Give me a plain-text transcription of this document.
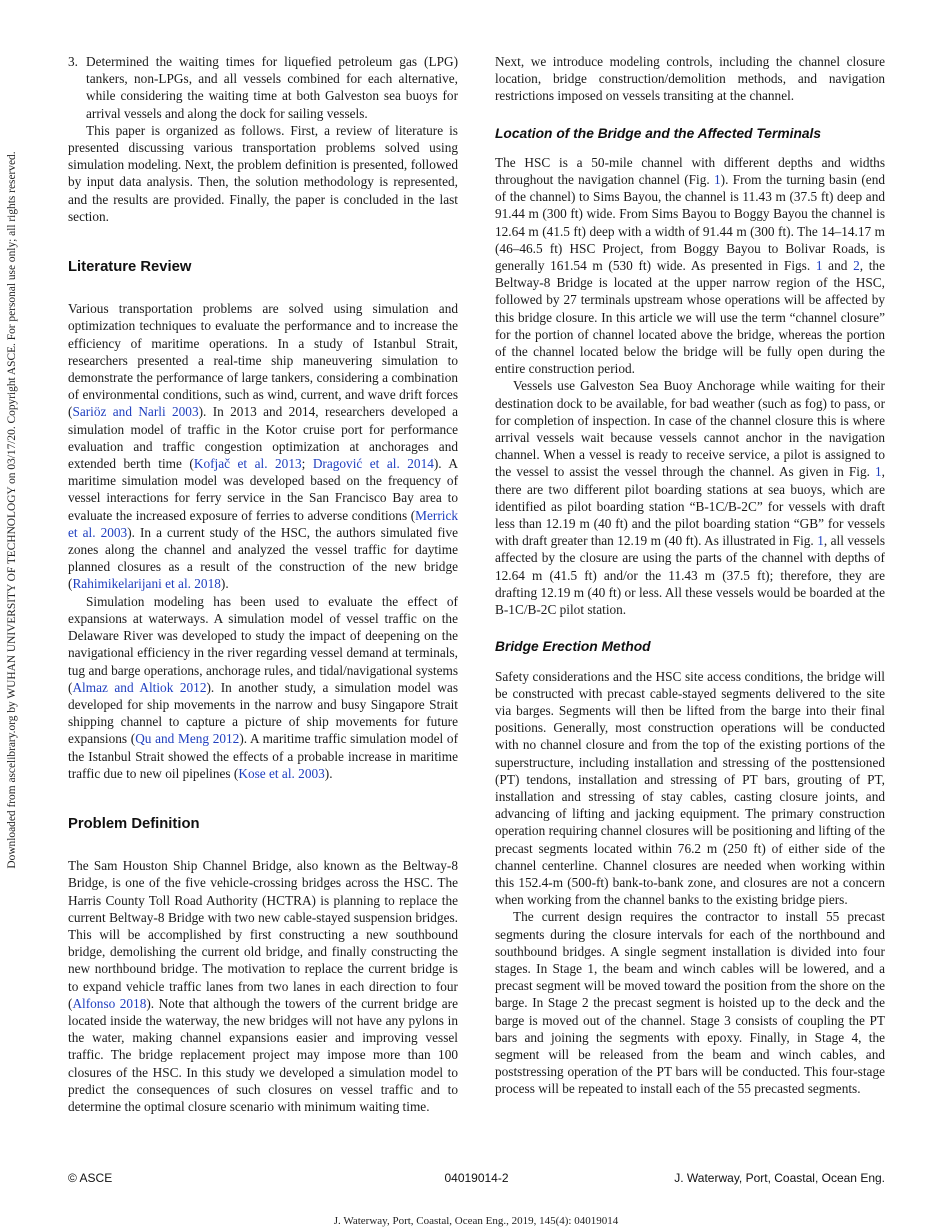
Downloaded from ascelibrary.org by WUHAN UNIVERSITY OF TECHNOLOGY on 03/17/20. Copyright ASCE. For personal use only; all rights reserved.
3. Determined the waiting times for liquefied petroleum gas (LPG) tankers, non-LPGs, and all vessels combined for each alternative, while considering the waiting time at both Galveston sea buoys for arrival vessels and along the dock for sailing vessels.

This paper is organized as follows. First, a review of literature is presented discussing various transportation problems solved using simulation modeling. Next, the problem definition is presented, followed by input data analysis. Then, the solution methodology is represented, and the results are provided. Finally, the paper is concluded in the last section.

Literature Review

Various transportation problems are solved using simulation and optimization techniques to evaluate the performance and to increase the efficiency of maritime operations. In a study of Istanbul Strait, researchers presented a real-time ship maneuvering simulation to demonstrate the performance of large tankers, considering a combination of environmental conditions, such as wind, current, and wave drift forces (Sariöz and Narli 2003). In 2013 and 2014, researchers developed a simulation model of traffic in the Kotor cruise port for performance evaluation and traffic congestion optimization at anchorages and extended berth time (Kofjač et al. 2013; Dragović et al. 2014). A maritime simulation model was developed based on the frequency of vessel interactions for ferry service in the San Francisco Bay area to evaluate the increased exposure of ferries to adverse conditions (Merrick et al. 2003). In a current study of the HSC, the authors simulated five zones along the channel and analyzed the vessel traffic for daytime planned closures as a result of the construction of the new bridge (Rahimikelarijani et al. 2018).

Simulation modeling has been used to evaluate the effect of expansions at waterways. A simulation model of vessel traffic on the Delaware River was developed to study the impact of deepening on the navigational efficiency in the river regarding vessel demand at terminals, tug and barge operations, anchorage rules, and tidal/navigational systems (Almaz and Altiok 2012). In another study, a simulation model was developed for ship movements in the narrow and busy Singapore Strait shipping channel to capture a picture of ship movements for future expansions (Qu and Meng 2012). A maritime traffic simulation model of the Istanbul Strait showed the effects of a probable increase in maritime traffic due to new oil pipelines (Kose et al. 2003).

Problem Definition

The Sam Houston Ship Channel Bridge, also known as the Beltway-8 Bridge, is one of the five vehicle-crossing bridges across the HSC. The Harris County Toll Road Authority (HCTRA) is planning to replace the current Beltway-8 Bridge with two new cable-stayed suspension bridges. This will be accomplished by first constructing a new southbound bridge, demolishing the current old bridge, and finally constructing the new northbound bridge. The motivation to replace the current bridge is to expand vehicle traffic lanes from two lanes in each direction to four (Alfonso 2018). Note that although the towers of the current bridge are located inside the waterway, the new bridges will not have any pylons in the water, making channel expansions easier and improving vessel traffic. The bridge replacement project may impose more than 100 closures of the HSC. In this study we developed a simulation model to predict the consequences of such closures on vessel traffic and to determine the optimal closure scenario with minimum waiting time.

Next, we introduce modeling controls, including the channel closure location, bridge construction/demolition methods, and navigation restrictions imposed on vessels transiting at the channel.

Location of the Bridge and the Affected Terminals

The HSC is a 50-mile channel with different depths and widths throughout the navigation channel (Fig. 1). From the turning basin (end of the channel) to Sims Bayou, the channel is 11.43 m (37.5 ft) deep and 91.44 m (300 ft) wide. From Sims Bayou to Boggy Bayou the channel is 12.64 m (41.5 ft) deep with a width of 91.44 m (300 ft). The 14–14.17 m (46–46.5 ft) HSC Project, from Boggy Bayou to Bolivar Roads, is generally 161.54 m (530 ft) wide. As presented in Figs. 1 and 2, the Beltway-8 Bridge is located at the upper narrow region of the HSC, followed by 27 terminals upstream whose operations will be affected by this bridge closure. In this article we will use the term “channel closure” for the portion of channel located above the bridge, whereas the portion of the channel located below the bridge will be fully open during the entire construction period.

Vessels use Galveston Sea Buoy Anchorage while waiting for their destination dock to be available, for bad weather (such as fog) to pass, or for completion of inspection. In case of the channel closure this is where arrival vessels wait because vessels cannot anchor in the navigation channel. When a vessel is ready to receive service, a pilot is assigned to the vessel to assist the vessel through the channel. As given in Fig. 1, there are two different pilot boarding stations at sea buoys, which are identified as pilot boarding station “B-1C/B-2C” for vessels with draft less than 12.19 m (40 ft) and the pilot boarding station “GB” for vessels with draft greater than 12.19 m (40 ft). As illustrated in Fig. 1, all vessels affected by the closure are using the parts of the channel with depths of 12.64 m (41.5 ft) and/or the 11.43 m (37.5 ft); therefore, they are drafting 12.19 m (40 ft) or less. All these vessels would be boarded at the B-1C/B-2C pilot station.

Bridge Erection Method

Safety considerations and the HSC site access conditions, the bridge will be constructed with precast cable-stayed segments delivered to the site via barges. Segments will then be lifted from the barge into their final positions. Generally, most construction operations will be conducted with no channel closure and from the top of the existing portions of the superstructure, including installation and stressing of the posttensioned (PT) tendons, installation and stressing of PT bars, grouting of PT, installation and stressing of stay cables, casting closure joints, and advancing of lifting and jacking equipment. The primary construction operation requiring channel closures will be positioning and lifting of the precast segments located within 76.2 m (250 ft) of either side of the channel centerline. Channel closures are needed when working within this 152.4-m (500-ft) bank-to-bank zone, and closures are not a concern when working from the channel banks to the existing bridge piers.

The current design requires the contractor to install 55 precast segments during the closure intervals for each of the northbound and southbound bridges. A single segment installation is divided into four stages. In Stage 1, the beam and winch cables will be lowered, and a precast segment will be moved toward the position from the shore on the barge. In Stage 2 the precast segment is hoisted up to the deck and the barge is moved out of the channel. Stage 3 consists of coupling the PT bars and joining the segments with epoxy. Finally, in Stage 4, the segment will be released from the beam and winch cables, and poststressing operation of the PT bars will be conducted. This four-stage process will be repeated to install each of the 55 precasted segments.

© ASCE	04019014-2	J. Waterway, Port, Coastal, Ocean Eng.
J. Waterway, Port, Coastal, Ocean Eng., 2019, 145(4): 04019014
